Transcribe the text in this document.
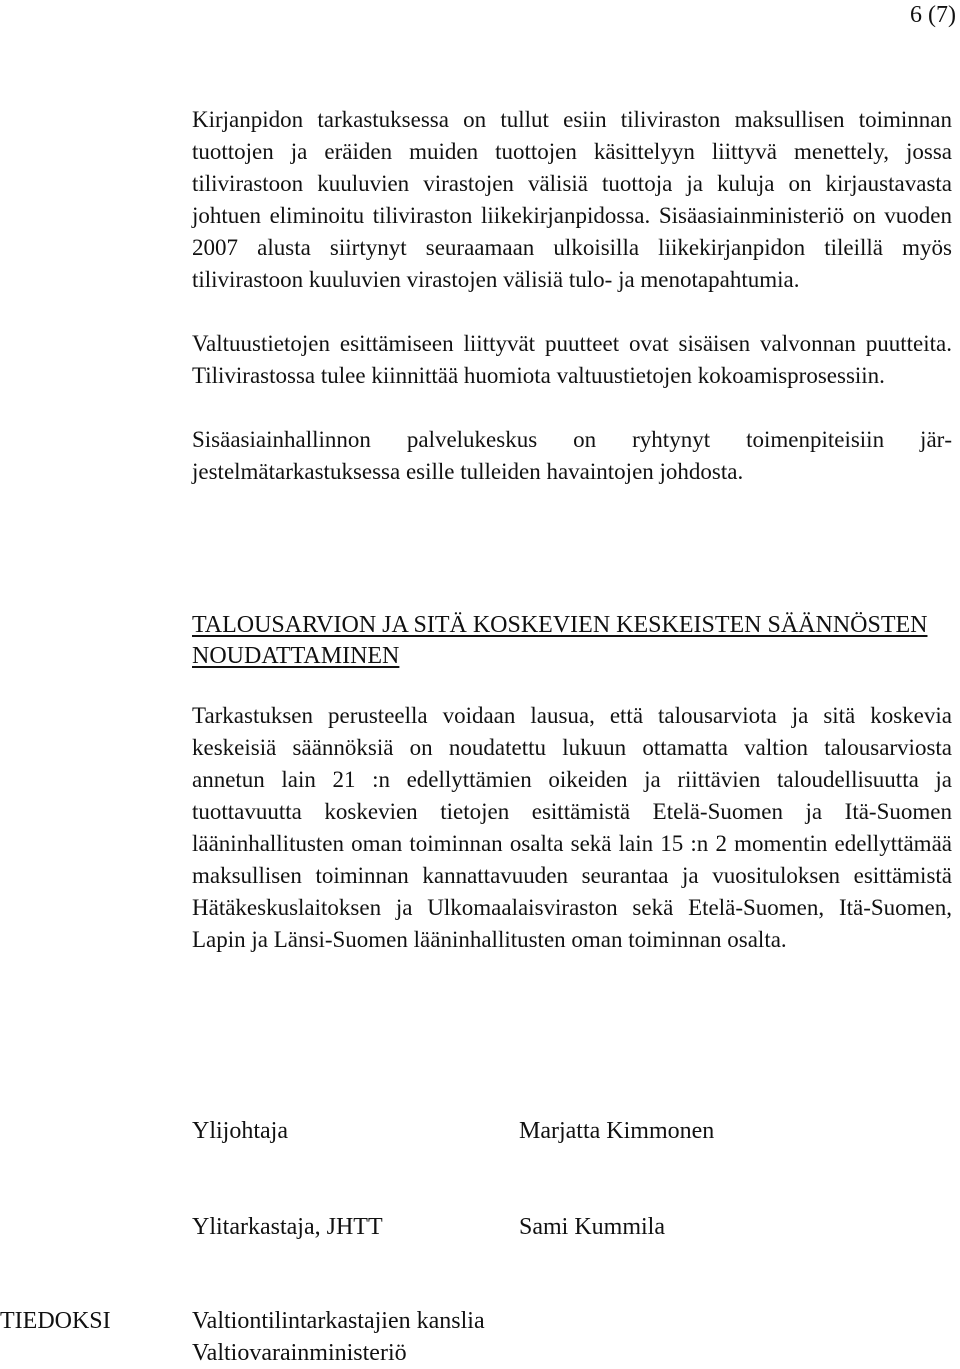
6 (7)

Kirjanpidon tarkastuksessa on tullut esiin tiliviraston maksullisen toiminnan tuottojen ja eräiden muiden tuottojen käsittelyyn liittyvä menettely, jossa tilivirastoon kuuluvien virastojen välisiä tuottoja ja kuluja on kirjaustavasta johtuen eliminoitu tiliviraston liikekirjanpidossa. Sisäasiainministeriö on vuoden 2007 alusta siirtynyt seuraamaan ulkoisilla liikekirjanpidon tileillä myös tilivirastoon kuuluvien virastojen välisiä tulo- ja menotapahtumia.

Valtuustietojen esittämiseen liittyvät puutteet ovat sisäisen valvonnan puutteita. Tilivirastossa tulee kiinnittää huomiota valtuustietojen kokoamisprosessiin.

Sisäasiainhallinnon palvelukeskus on ryhtynyt toimenpiteisiin järjestelmätarkastuksessa esille tulleiden havaintojen johdosta.

TALOUSARVION JA SITÄ KOSKEVIEN KESKEISTEN SÄÄNNÖSTEN NOUDATTAMINEN

Tarkastuksen perusteella voidaan lausua, että talousarviota ja sitä koskevia keskeisiä säännöksiä on noudatettu lukuun ottamatta valtion talousarviosta annetun lain 21 :n edellyttämien oikeiden ja riittävien taloudellisuutta ja tuottavuutta koskevien tietojen esittämistä Etelä-Suomen ja Itä-Suomen lääninhallitusten oman toiminnan osalta sekä lain 15 :n 2 momentin edellyttämää maksullisen toiminnan kannattavuuden seurantaa ja vuosituloksen esittämistä Hätäkeskuslaitoksen ja Ulkomaalaisviraston sekä Etelä-Suomen, Itä-Suomen, Lapin ja Länsi-Suomen lääninhallitusten oman toiminnan osalta.

Ylijohtaja	Marjatta Kimmonen
Ylitarkastaja, JHTT	Sami Kummila
TIEDOKSI	Valtiontilintarkastajien kanslia
Valtiovarainministeriö
